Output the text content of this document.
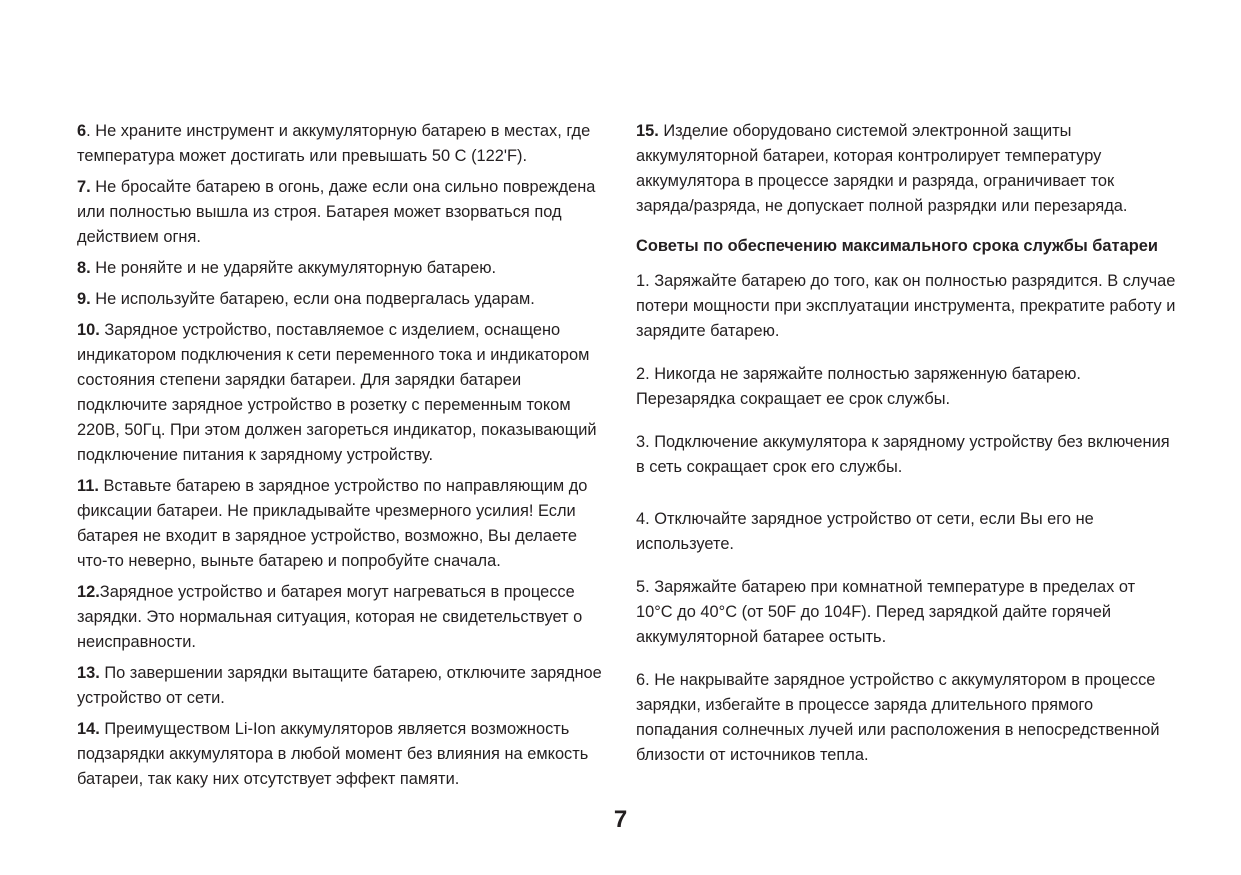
6. Не храните инструмент и аккумуляторную батарею в местах, где температура может достигать или превышать 50 С (122'F).

7. Не бросайте батарею в огонь, даже если она сильно повреждена или полностью вышла из строя. Батарея может взорваться под действием огня.

8. Не роняйте и не ударяйте аккумуляторную батарею.

9. Не используйте батарею, если она подвергалась ударам.

10. Зарядное устройство, поставляемое с изделием, оснащено индикатором подключения к сети переменного тока и индикатором состояния степени зарядки батареи. Для зарядки батареи подключите зарядное устройство в розетку с переменным током 220В, 50Гц. При этом должен загореться индикатор, показывающий подключение питания к зарядному устройству.

11. Вставьте батарею в зарядное устройство по направляющим до фиксации батареи. Не прикладывайте чрезмерного усилия! Если батарея не входит в зарядное устройство, возможно, Вы делаете что-то неверно, выньте батарею и попробуйте сначала.

12.Зарядное устройство и батарея могут нагреваться в процессе зарядки. Это нормальная ситуация, которая не свидетельствует о неисправности.

13. По завершении зарядки вытащите батарею, отключите зарядное устройство от сети.

14. Преимуществом Li-Ion аккумуляторов является возможность подзарядки аккумулятора в любой момент без влияния на емкость батареи, так каку них отсутствует эффект памяти.

15. Изделие оборудовано системой электронной защиты аккумуляторной батареи, которая контролирует температуру аккумулятора в процессе зарядки и разряда, ограничивает ток заряда/разряда, не допускает полной разрядки или перезаряда.

Советы по обеспечению максимального срока службы батареи

1. Заряжайте батарею до того, как он полностью разрядится. В случае потери мощности при эксплуатации инструмента, прекратите работу и зарядите батарею.

2. Никогда не заряжайте полностью заряженную батарею. Перезарядка сокращает ее срок службы.

3. Подключение аккумулятора к зарядному устройству без включения в сеть сокращает срок его службы.

4. Отключайте зарядное устройство от сети, если Вы его не используете.

5. Заряжайте батарею при комнатной температуре в пределах от 10°C до 40°C (от 50F до 104F). Перед зарядкой дайте горячей аккумуляторной батарее остыть.

6. Не накрывайте зарядное устройство с аккумулятором в процессе зарядки, избегайте в процессе заряда длительного прямого попадания солнечных лучей или расположения в непосредственной близости от источников тепла.

7
